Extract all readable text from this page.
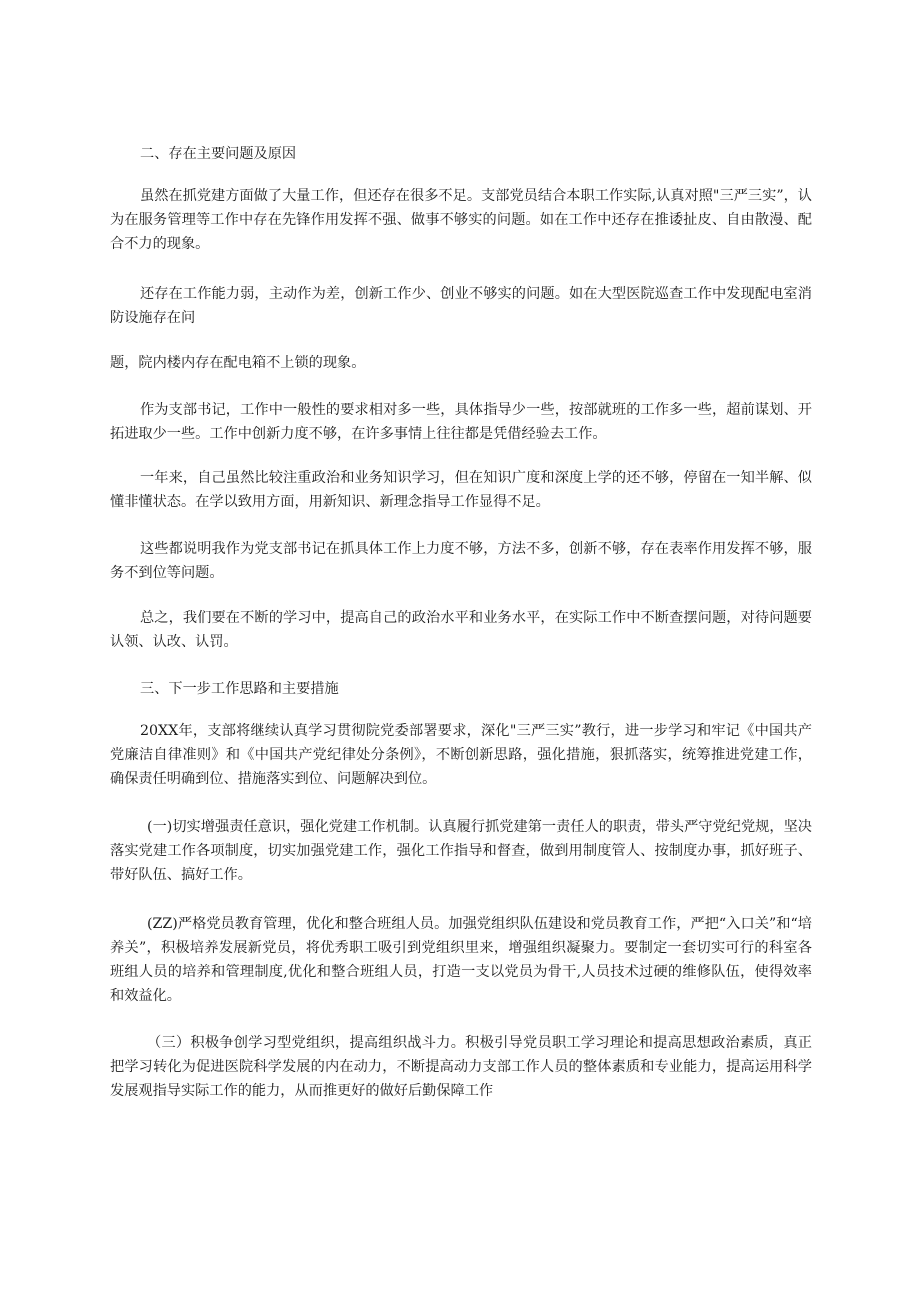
二、存在主要问题及原因

虽然在抓党建方面做了大量工作，但还存在很多不足。支部党员结合本职工作实际,认真对照"三严三实”，认为在服务管理等工作中存在先锋作用发挥不强、做事不够实的问题。如在工作中还存在推诿扯皮、自由散漫、配合不力的现象。

还存在工作能力弱，主动作为差，创新工作少、创业不够实的问题。如在大型医院巡查工作中发现配电室消防设施存在问

题，院内楼内存在配电箱不上锁的现象。

作为支部书记，工作中一般性的要求相对多一些，具体指导少一些，按部就班的工作多一些，超前谋划、开拓进取少一些。工作中创新力度不够，在许多事情上往往都是凭借经验去工作。

一年来，自己虽然比较注重政治和业务知识学习，但在知识广度和深度上学的还不够，停留在一知半解、似懂非懂状态。在学以致用方面，用新知识、新理念指导工作显得不足。

这些都说明我作为党支部书记在抓具体工作上力度不够，方法不多，创新不够，存在表率作用发挥不够，服务不到位等问题。

总之，我们要在不断的学习中，提高自己的政治水平和业务水平，在实际工作中不断查摆问题，对待问题要认领、认改、认罚。

三、下一步工作思路和主要措施

20XX年，支部将继续认真学习贯彻院党委部署要求，深化"三严三实”教行，进一步学习和牢记《中国共产党廉洁自律准则》和《中国共产党纪律处分条例》，不断创新思路，强化措施，狠抓落实，统筹推进党建工作，确保责任明确到位、措施落实到位、问题解决到位。

(一)切实增强责任意识，强化党建工作机制。认真履行抓党建第一责任人的职责，带头严守党纪党规，坚决落实党建工作各项制度，切实加强党建工作，强化工作指导和督查，做到用制度管人、按制度办事，抓好班子、带好队伍、搞好工作。

(ZZ)严格党员教育管理，优化和整合班组人员。加强党组织队伍建设和党员教育工作，严把“入口关”和“培养关”，积极培养发展新党员，将优秀职工吸引到党组织里来，增强组织凝聚力。要制定一套切实可行的科室各班组人员的培养和管理制度,优化和整合班组人员，打造一支以党员为骨干,人员技术过硬的维修队伍，使得效率和效益化。

（三）积极争创学习型党组织，提高组织战斗力。积极引导党员职工学习理论和提高思想政治素质，真正把学习转化为促进医院科学发展的内在动力，不断提高动力支部工作人员的整体素质和专业能力，提高运用科学发展观指导实际工作的能力，从而推更好的做好后勤保障工作
